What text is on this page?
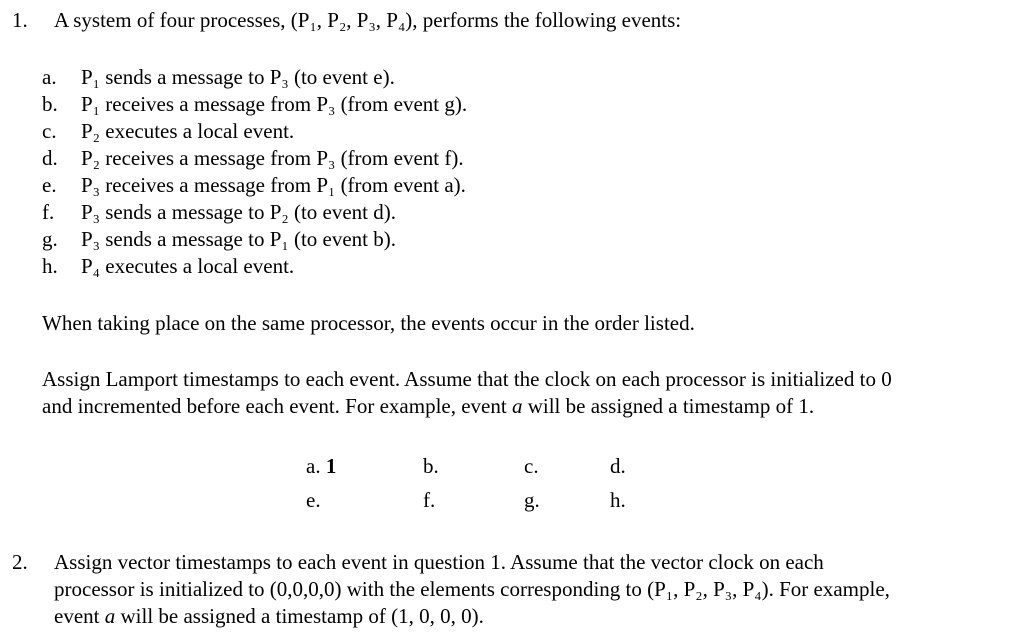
1. A system of four processes, (P₁, P₂, P₃, P₄), performs the following events:
a.	P₁ sends a message to P₃ (to event e).
b.	P₁ receives a message from P₃ (from event g).
c.	P₂ executes a local event.
d.	P₂ receives a message from P₃ (from event f).
e.	P₃ receives a message from P₁ (from event a).
f.	P₃ sends a message to P₂ (to event d).
g.	P₃ sends a message to P₁ (to event b).
h.	P₄ executes a local event.
When taking place on the same processor, the events occur in the order listed.
Assign Lamport timestamps to each event. Assume that the clock on each processor is initialized to 0
and incremented before each event. For example, event a will be assigned a timestamp of 1.
a. 1	b.	c.	d.
e.	f.	g.	h.
2. Assign vector timestamps to each event in question 1. Assume that the vector clock on each
processor is initialized to (0,0,0,0) with the elements corresponding to (P₁, P₂, P₃, P₄). For example,
event a will be assigned a timestamp of (1, 0, 0, 0).
